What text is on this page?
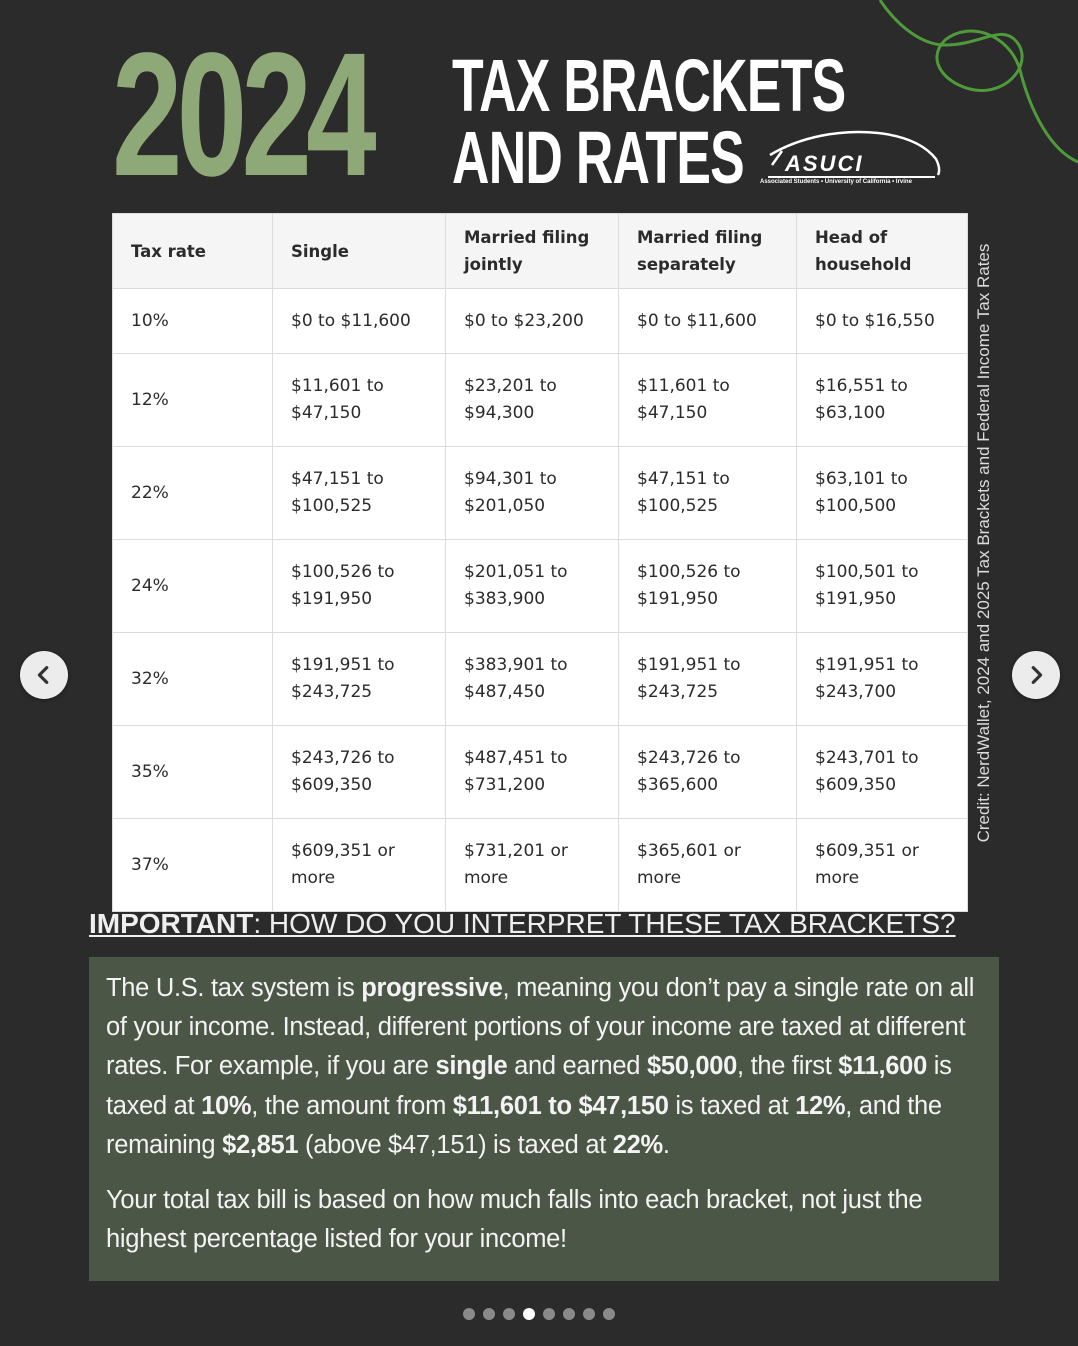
2024 TAX BRACKETS
AND RATES	ASUCI
Associated Students • University of California • Irvine
Tax rate	Single	Married filing jointly	Married filing separately	Head of household
10%	$0 to $11,600	$0 to $23,200	$0 to $11,600	$0 to $16,550
12%	$11,601 to $47,150	$23,201 to $94,300	$11,601 to $47,150	$16,551 to $63,100
22%	$47,151 to $100,525	$94,301 to $201,050	$47,151 to $100,525	$63,101 to $100,500
24%	$100,526 to $191,950	$201,051 to $383,900	$100,526 to $191,950	$100,501 to $191,950
32%	$191,951 to $243,725	$383,901 to $487,450	$191,951 to $243,725	$191,951 to $243,700
35%	$243,726 to $609,350	$487,451 to $731,200	$243,726 to $365,600	$243,701 to $609,350
37%	$609,351 or more	$731,201 or more	$365,601 or more	$609,351 or more
Credit: NerdWallet, 2024 and 2025 Tax Brackets and Federal Income Tax Rates
IMPORTANT: HOW DO YOU INTERPRET THESE TAX BRACKETS?

The U.S. tax system is progressive, meaning you don’t pay a single rate on all of your income. Instead, different portions of your income are taxed at different rates. For example, if you are single and earned $50,000, the first $11,600 is taxed at 10%, the amount from $11,601 to $47,150 is taxed at 12%, and the remaining $2,851 (above $47,151) is taxed at 22%.

Your total tax bill is based on how much falls into each bracket, not just the highest percentage listed for your income!
